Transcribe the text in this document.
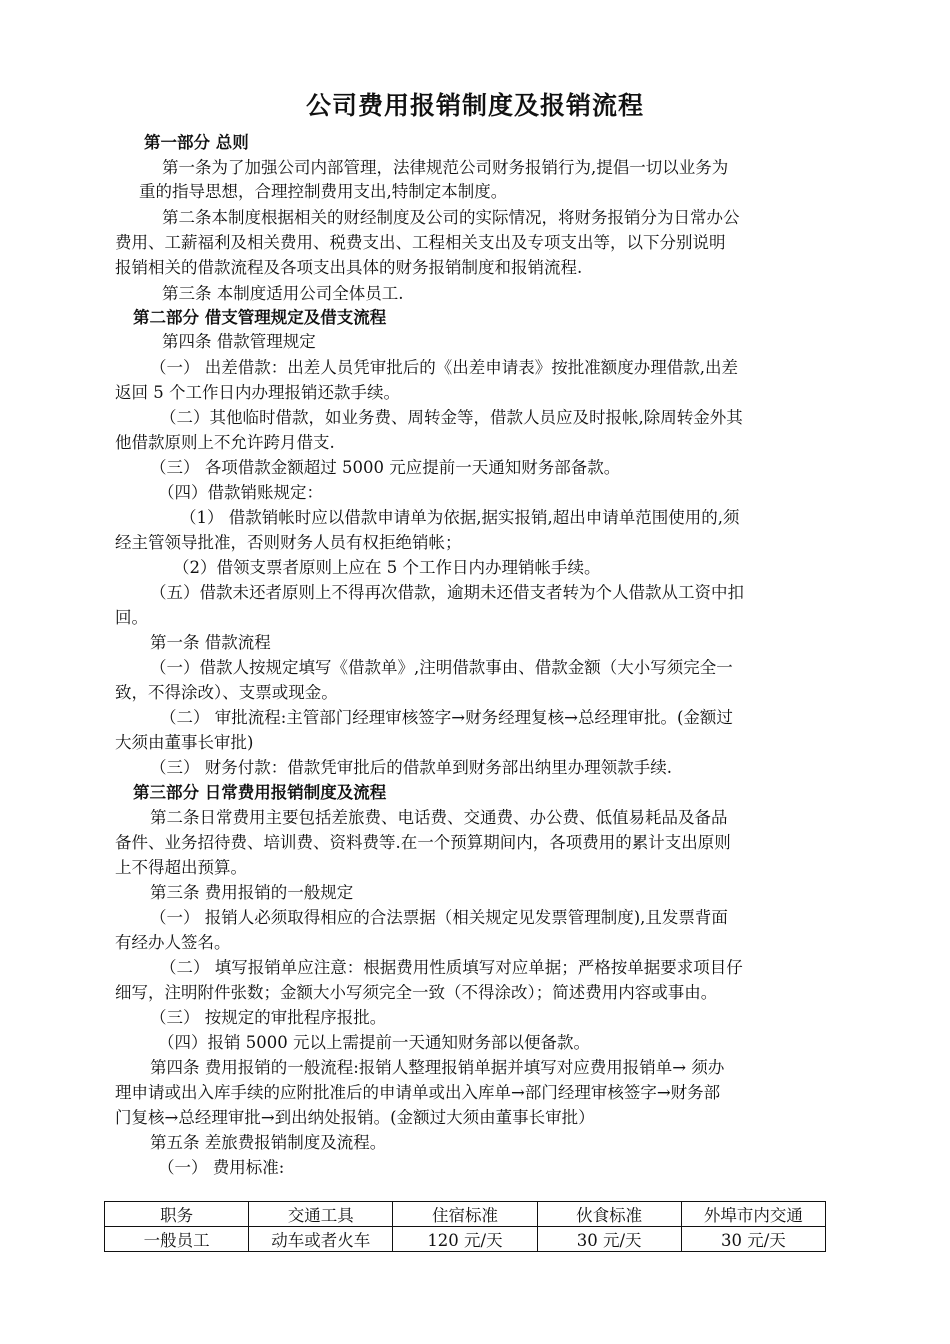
公司费用报销制度及报销流程
第一部分 总则
第一条为了加强公司内部管理，法律规范公司财务报销行为,提倡一切以业务为
重的指导思想，合理控制费用支出,特制定本制度。
第二条本制度根据相关的财经制度及公司的实际情况，将财务报销分为日常办公
费用、工薪福利及相关费用、税费支出、工程相关支出及专项支出等，以下分别说明
报销相关的借款流程及各项支出具体的财务报销制度和报销流程.
第三条 本制度适用公司全体员工.
第二部分 借支管理规定及借支流程
第四条 借款管理规定
（一） 出差借款：出差人员凭审批后的《出差申请表》按批准额度办理借款,出差
返回 5 个工作日内办理报销还款手续。
（二）其他临时借款，如业务费、周转金等，借款人员应及时报帐,除周转金外其
他借款原则上不允许跨月借支.
（三） 各项借款金额超过 5000 元应提前一天通知财务部备款。
（四）借款销账规定：
（1） 借款销帐时应以借款申请单为依据,据实报销,超出申请单范围使用的,须
经主管领导批准，否则财务人员有权拒绝销帐；
（2）借领支票者原则上应在 5 个工作日内办理销帐手续。
（五）借款未还者原则上不得再次借款，逾期未还借支者转为个人借款从工资中扣
回。
第一条 借款流程
（一）借款人按规定填写《借款单》,注明借款事由、借款金额（大小写须完全一
致，不得涂改）、支票或现金。
（二） 审批流程:主管部门经理审核签字→财务经理复核→总经理审批。(金额过
大须由董事长审批)
（三） 财务付款：借款凭审批后的借款单到财务部出纳里办理领款手续.
第三部分 日常费用报销制度及流程
第二条日常费用主要包括差旅费、电话费、交通费、办公费、低值易耗品及备品
备件、业务招待费、培训费、资料费等.在一个预算期间内，各项费用的累计支出原则
上不得超出预算。
第三条 费用报销的一般规定
（一） 报销人必须取得相应的合法票据（相关规定见发票管理制度),且发票背面
有经办人签名。
（二） 填写报销单应注意：根据费用性质填写对应单据；严格按单据要求项目仔
细写，注明附件张数；金额大小写须完全一致（不得涂改）；简述费用内容或事由。
（三） 按规定的审批程序报批。
（四）报销 5000 元以上需提前一天通知财务部以便备款。
第四条 费用报销的一般流程:报销人整理报销单据并填写对应费用报销单→ 须办
理申请或出入库手续的应附批准后的申请单或出入库单→部门经理审核签字→财务部
门复核→总经理审批→到出纳处报销。(金额过大须由董事长审批）
第五条 差旅费报销制度及流程。
（一） 费用标准:
职务	交通工具	住宿标准	伙食标准	外埠市内交通
一般员工	动车或者火车	120 元/天	30 元/天	30 元/天
